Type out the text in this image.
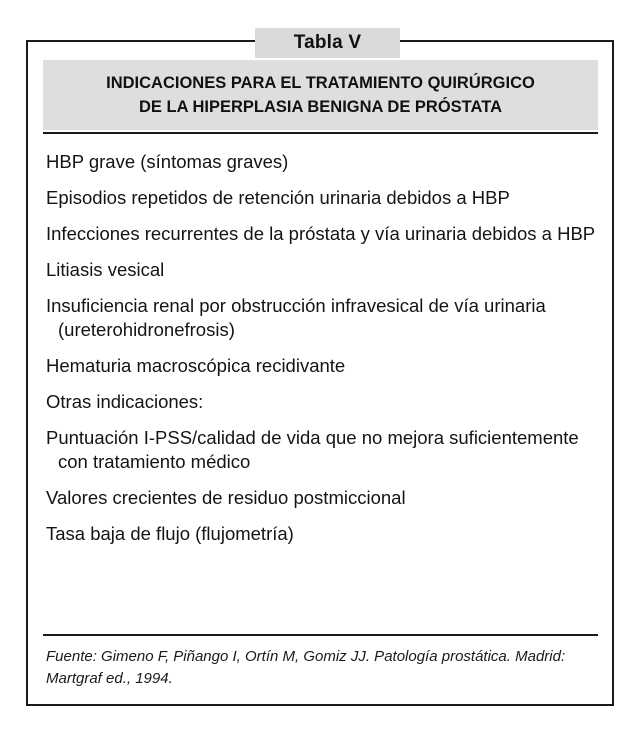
Tabla V
INDICACIONES PARA EL TRATAMIENTO QUIRÚRGICO
DE LA HIPERPLASIA BENIGNA DE PRÓSTATA
HBP grave (síntomas graves)
Episodios repetidos de retención urinaria debidos a HBP
Infecciones recurrentes de la próstata y vía urinaria debidos a HBP
Litiasis vesical
Insuficiencia renal por obstrucción infravesical de vía urinaria (ureterohidronefrosis)
Hematuria macroscópica recidivante
Otras indicaciones:
Puntuación I-PSS/calidad de vida que no mejora suficientemente con tratamiento médico
Valores crecientes de residuo postmiccional
Tasa baja de flujo (flujometría)
Fuente: Gimeno F, Piñango I, Ortín M, Gomiz JJ. Patología prostática. Madrid: Martgraf ed., 1994.
